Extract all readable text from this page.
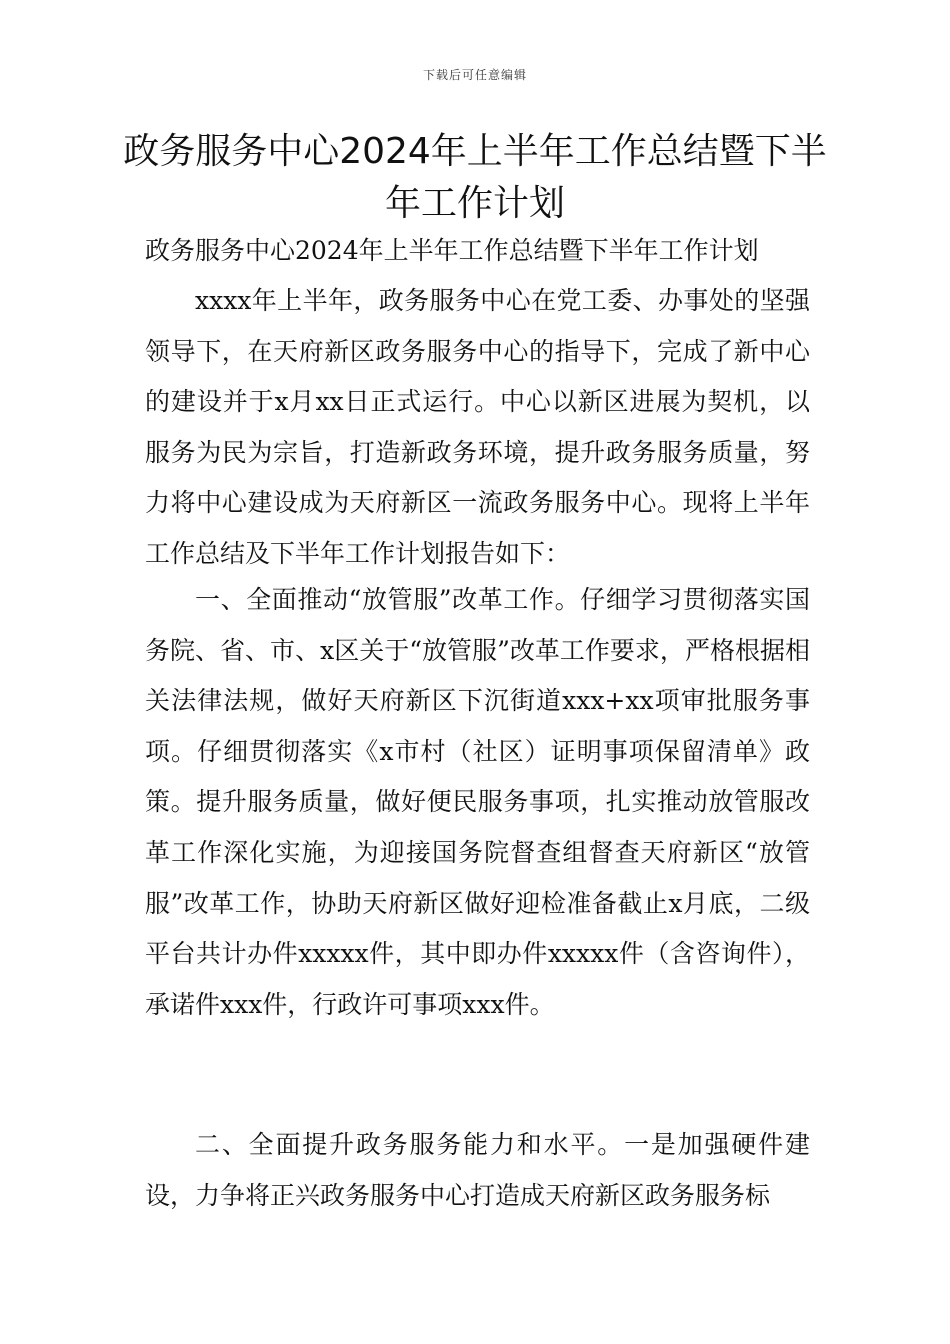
下载后可任意编辑
政务服务中心2024年上半年工作总结暨下半年工作计划

政务服务中心2024年上半年工作总结暨下半年工作计划

xxxx年上半年，政务服务中心在党工委、办事处的坚强领导下，在天府新区政务服务中心的指导下，完成了新中心的建设并于x月xx日正式运行。中心以新区进展为契机，以服务为民为宗旨，打造新政务环境，提升政务服务质量，努力将中心建设成为天府新区一流政务服务中心。现将上半年工作总结及下半年工作计划报告如下：

一、全面推动“放管服”改革工作。仔细学习贯彻落实国务院、省、市、x区关于“放管服”改革工作要求，严格根据相关法律法规，做好天府新区下沉街道xxx+xx项审批服务事项。仔细贯彻落实《x市村（社区）证明事项保留清单》政策。提升服务质量，做好便民服务事项，扎实推动放管服改革工作深化实施，为迎接国务院督查组督查天府新区“放管服”改革工作，协助天府新区做好迎检准备截止x月底，二级平台共计办件xxxxx件，其中即办件xxxxx件（含咨询件），承诺件xxx件，行政许可事项xxx件。

二、全面提升政务服务能力和水平。一是加强硬件建设，力争将正兴政务服务中心打造成天府新区政务服务标
